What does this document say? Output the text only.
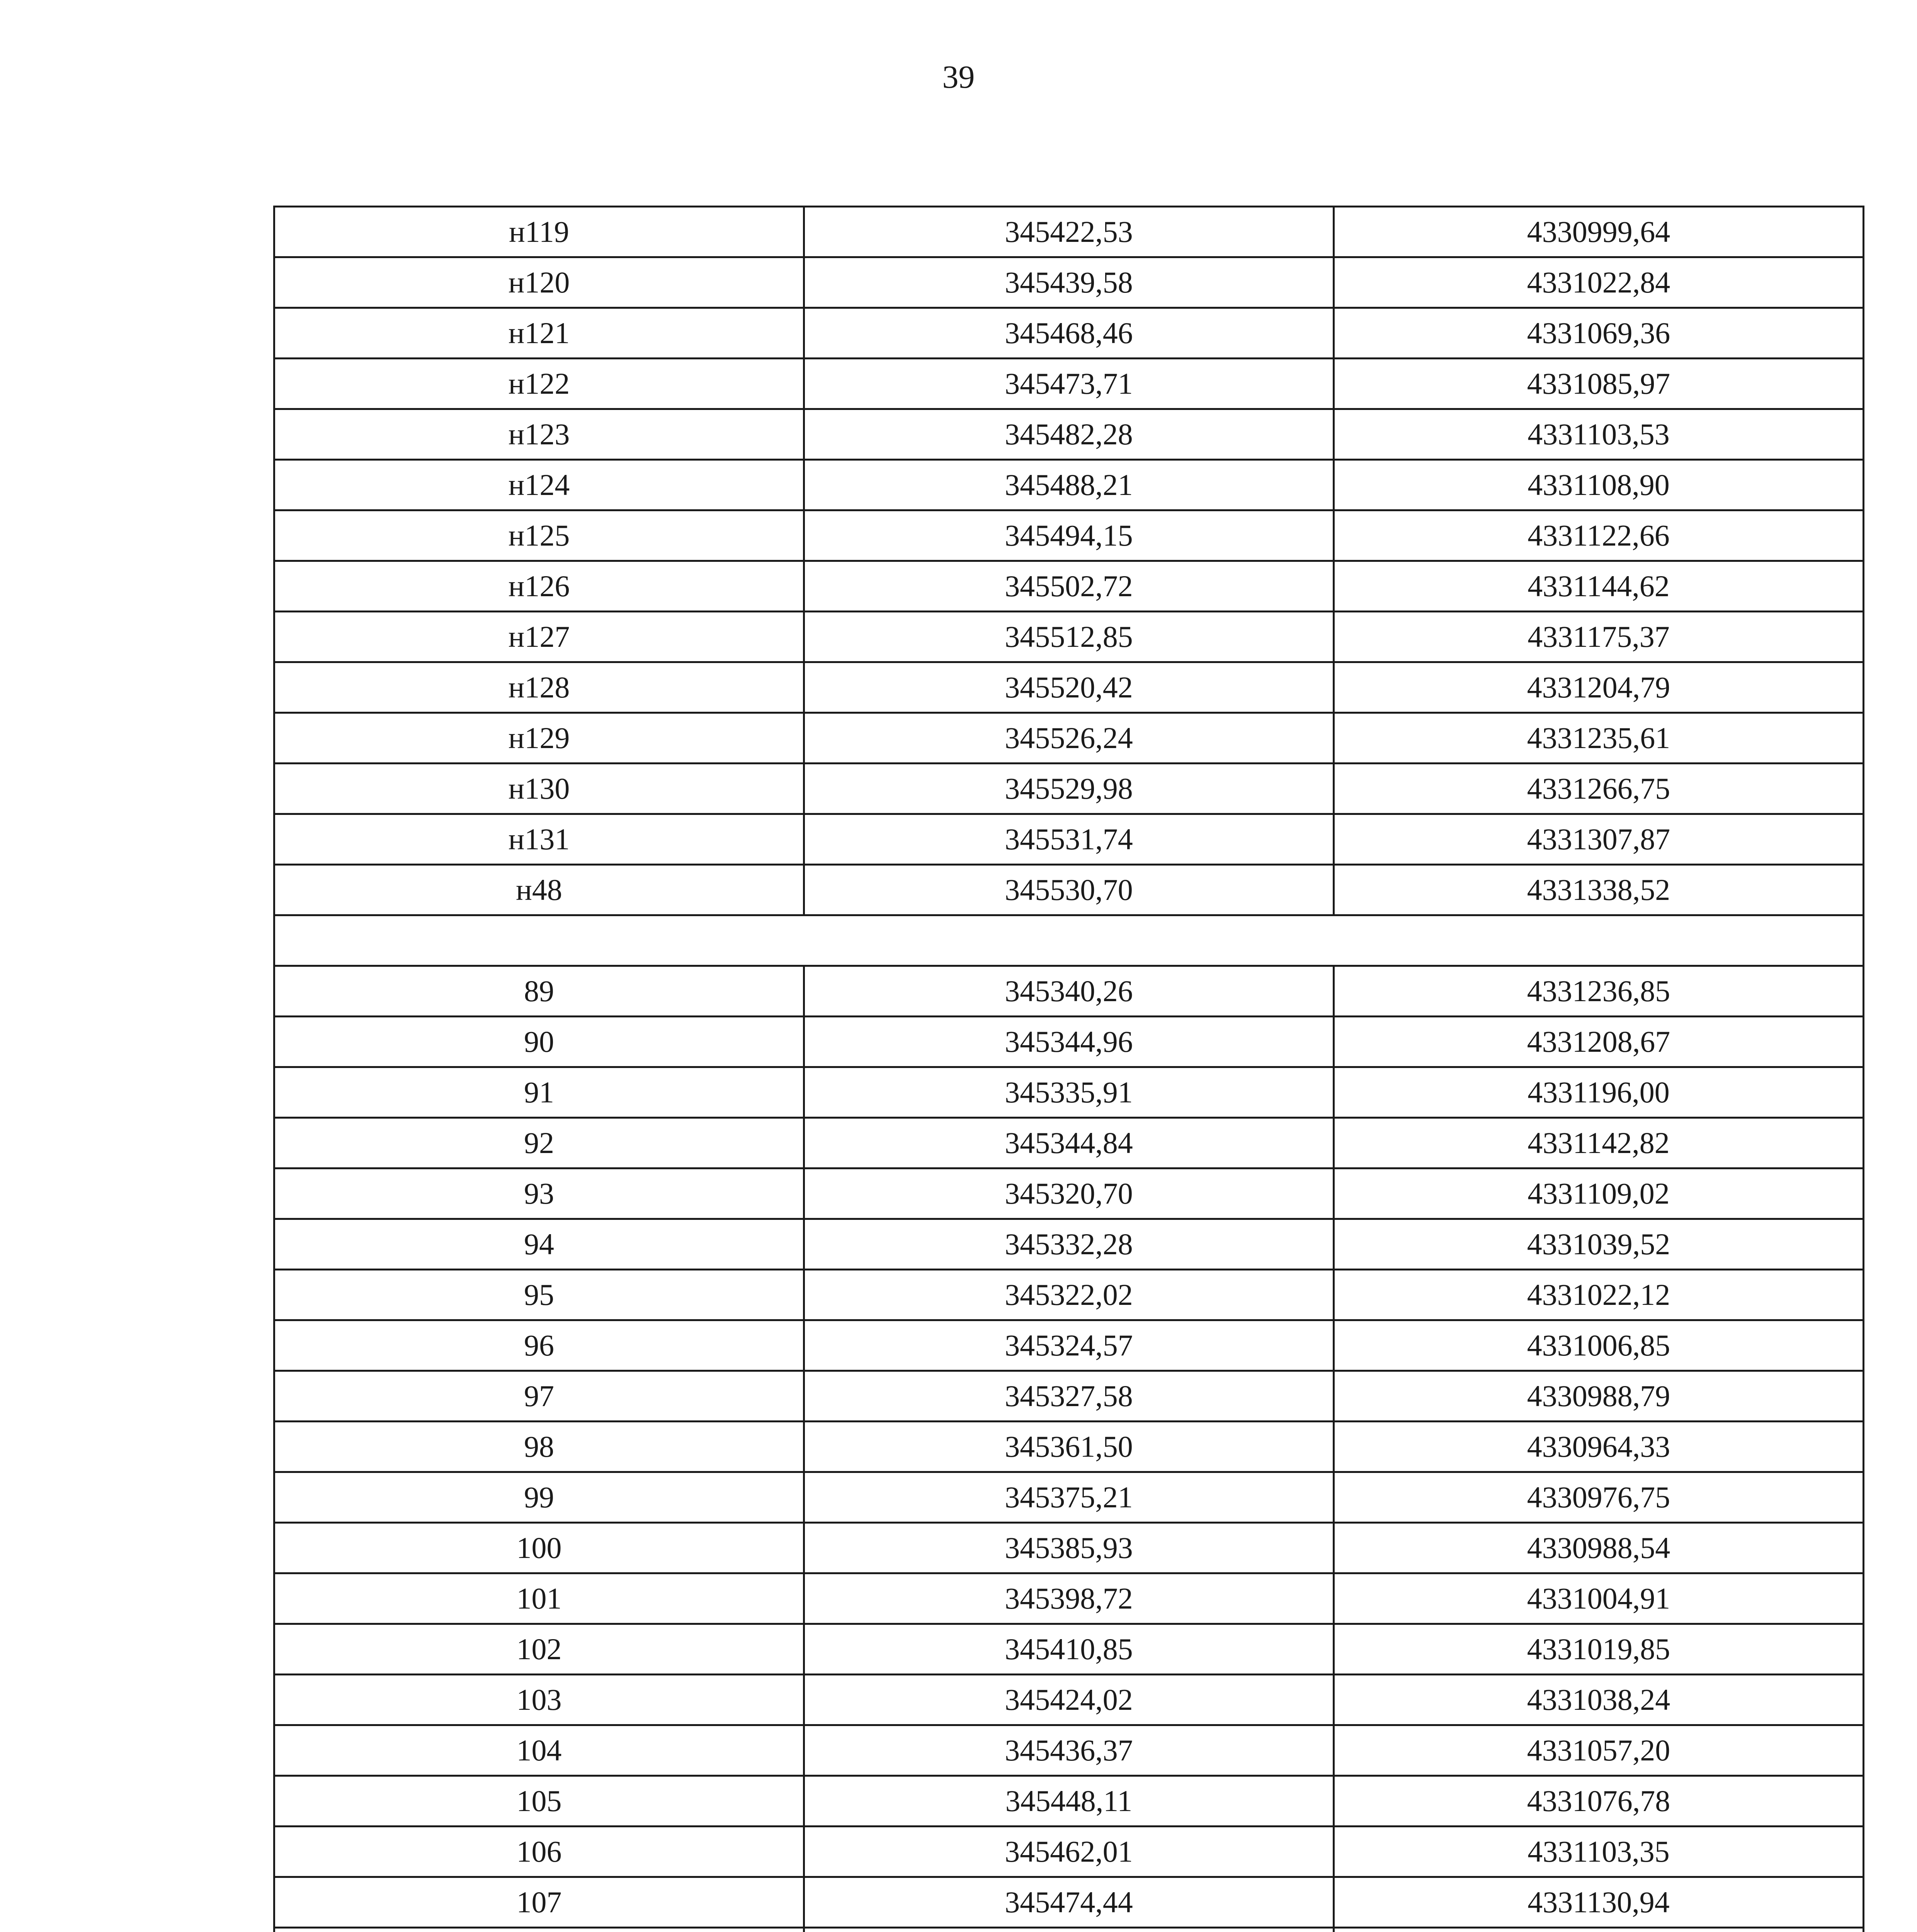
39
н119	345422,53	4330999,64
н120	345439,58	4331022,84
н121	345468,46	4331069,36
н122	345473,71	4331085,97
н123	345482,28	4331103,53
н124	345488,21	4331108,90
н125	345494,15	4331122,66
н126	345502,72	4331144,62
н127	345512,85	4331175,37
н128	345520,42	4331204,79
н129	345526,24	4331235,61
н130	345529,98	4331266,75
н131	345531,74	4331307,87
н48	345530,70	4331338,52

89	345340,26	4331236,85
90	345344,96	4331208,67
91	345335,91	4331196,00
92	345344,84	4331142,82
93	345320,70	4331109,02
94	345332,28	4331039,52
95	345322,02	4331022,12
96	345324,57	4331006,85
97	345327,58	4330988,79
98	345361,50	4330964,33
99	345375,21	4330976,75
100	345385,93	4330988,54
101	345398,72	4331004,91
102	345410,85	4331019,85
103	345424,02	4331038,24
104	345436,37	4331057,20
105	345448,11	4331076,78
106	345462,01	4331103,35
107	345474,44	4331130,94
